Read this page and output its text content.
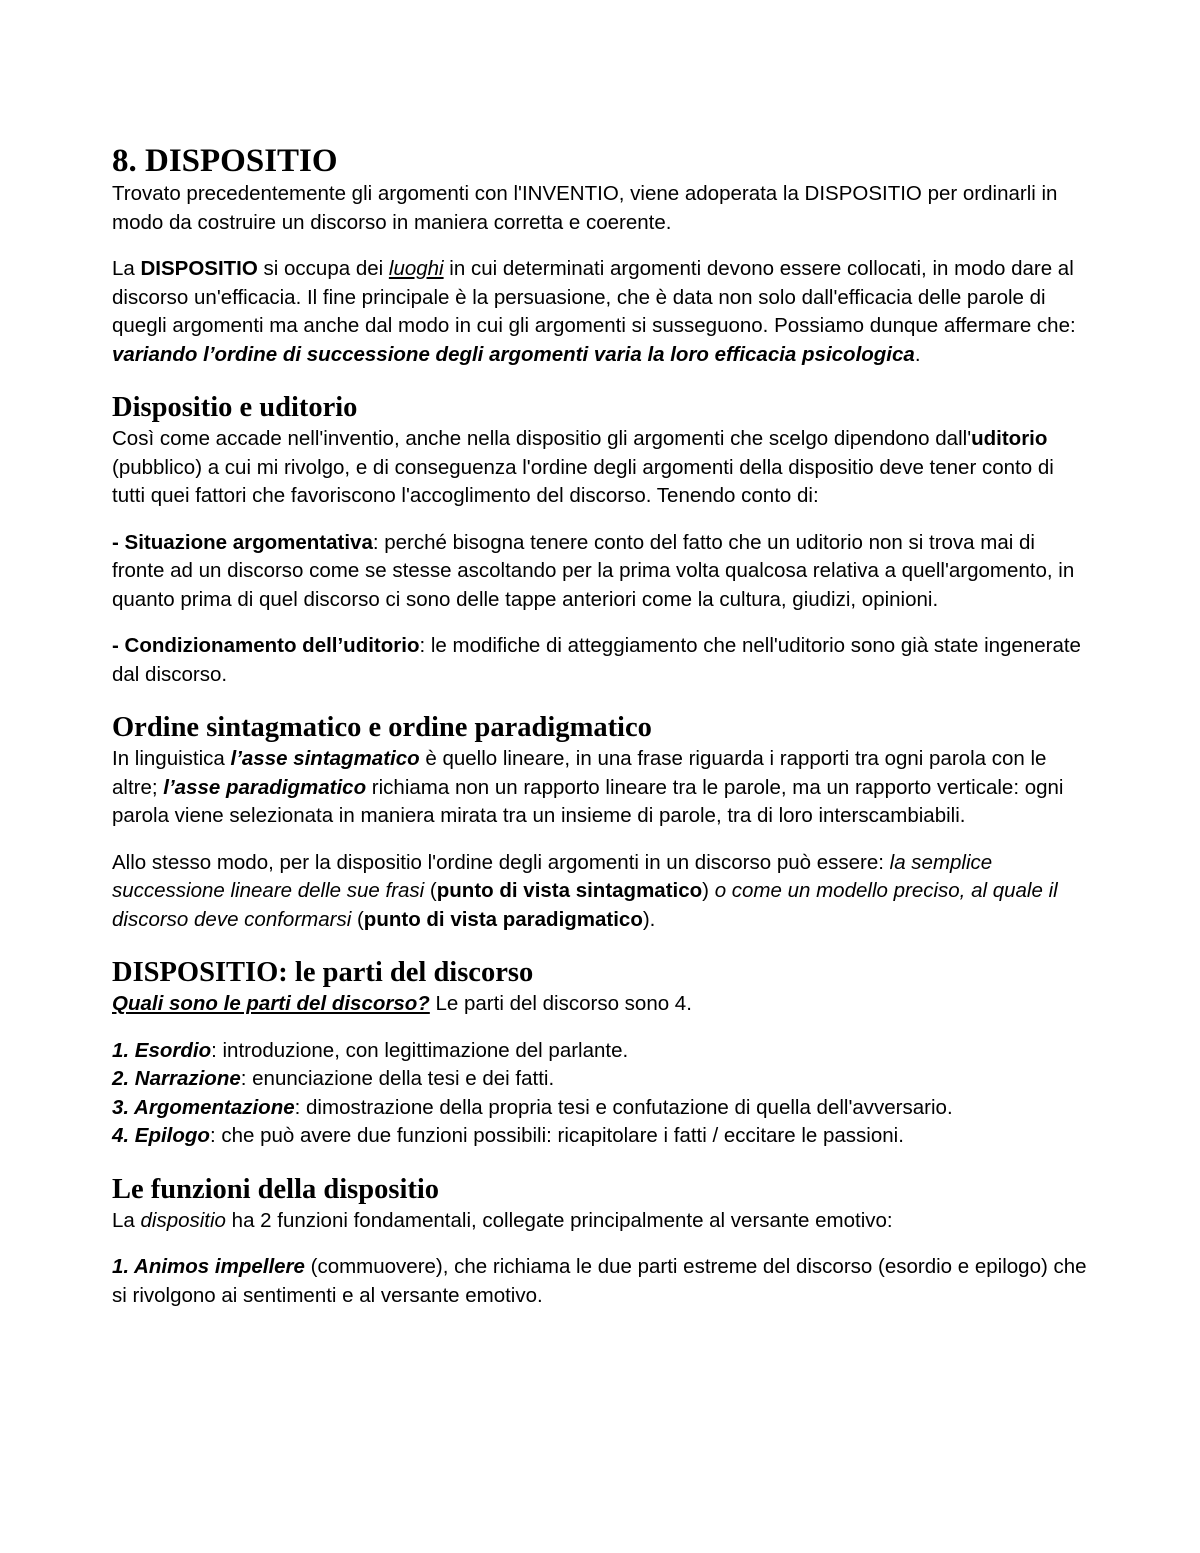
8. DISPOSITIO

Trovato precedentemente gli argomenti con l'INVENTIO, viene adoperata la DISPOSITIO per ordinarli in modo da costruire un discorso in maniera corretta e coerente.

La DISPOSITIO si occupa dei luoghi in cui determinati argomenti devono essere collocati, in modo dare al discorso un'efficacia. Il fine principale è la persuasione, che è data non solo dall'efficacia delle parole di quegli argomenti ma anche dal modo in cui gli argomenti si susseguono. Possiamo dunque affermare che: variando l’ordine di successione degli argomenti varia la loro efficacia psicologica.

Dispositio e uditorio

Così come accade nell'inventio, anche nella dispositio gli argomenti che scelgo dipendono dall'uditorio (pubblico) a cui mi rivolgo, e di conseguenza l'ordine degli argomenti della dispositio deve tener conto di tutti quei fattori che favoriscono l'accoglimento del discorso. Tenendo conto di:

- Situazione argomentativa: perché bisogna tenere conto del fatto che un uditorio non si trova mai di fronte ad un discorso come se stesse ascoltando per la prima volta qualcosa relativa a quell'argomento, in quanto prima di quel discorso ci sono delle tappe anteriori come la cultura, giudizi, opinioni.

- Condizionamento dell’uditorio: le modifiche di atteggiamento che nell'uditorio sono già state ingenerate dal discorso.

Ordine sintagmatico e ordine paradigmatico

In linguistica l’asse sintagmatico è quello lineare, in una frase riguarda i rapporti tra ogni parola con le altre; l’asse paradigmatico richiama non un rapporto lineare tra le parole, ma un rapporto verticale: ogni parola viene selezionata in maniera mirata tra un insieme di parole, tra di loro interscambiabili.

Allo stesso modo, per la dispositio l'ordine degli argomenti in un discorso può essere: la semplice successione lineare delle sue frasi (punto di vista sintagmatico) o come un modello preciso, al quale il discorso deve conformarsi (punto di vista paradigmatico).

DISPOSITIO: le parti del discorso

Quali sono le parti del discorso? Le parti del discorso sono 4.

1. Esordio: introduzione, con legittimazione del parlante.

2. Narrazione: enunciazione della tesi e dei fatti.

3. Argomentazione: dimostrazione della propria tesi e confutazione di quella dell'avversario.

4. Epilogo: che può avere due funzioni possibili: ricapitolare i fatti / eccitare le passioni.

Le funzioni della dispositio

La dispositio ha 2 funzioni fondamentali, collegate principalmente al versante emotivo:

1. Animos impellere (commuovere), che richiama le due parti estreme del discorso (esordio e epilogo) che si rivolgono ai sentimenti e al versante emotivo.
